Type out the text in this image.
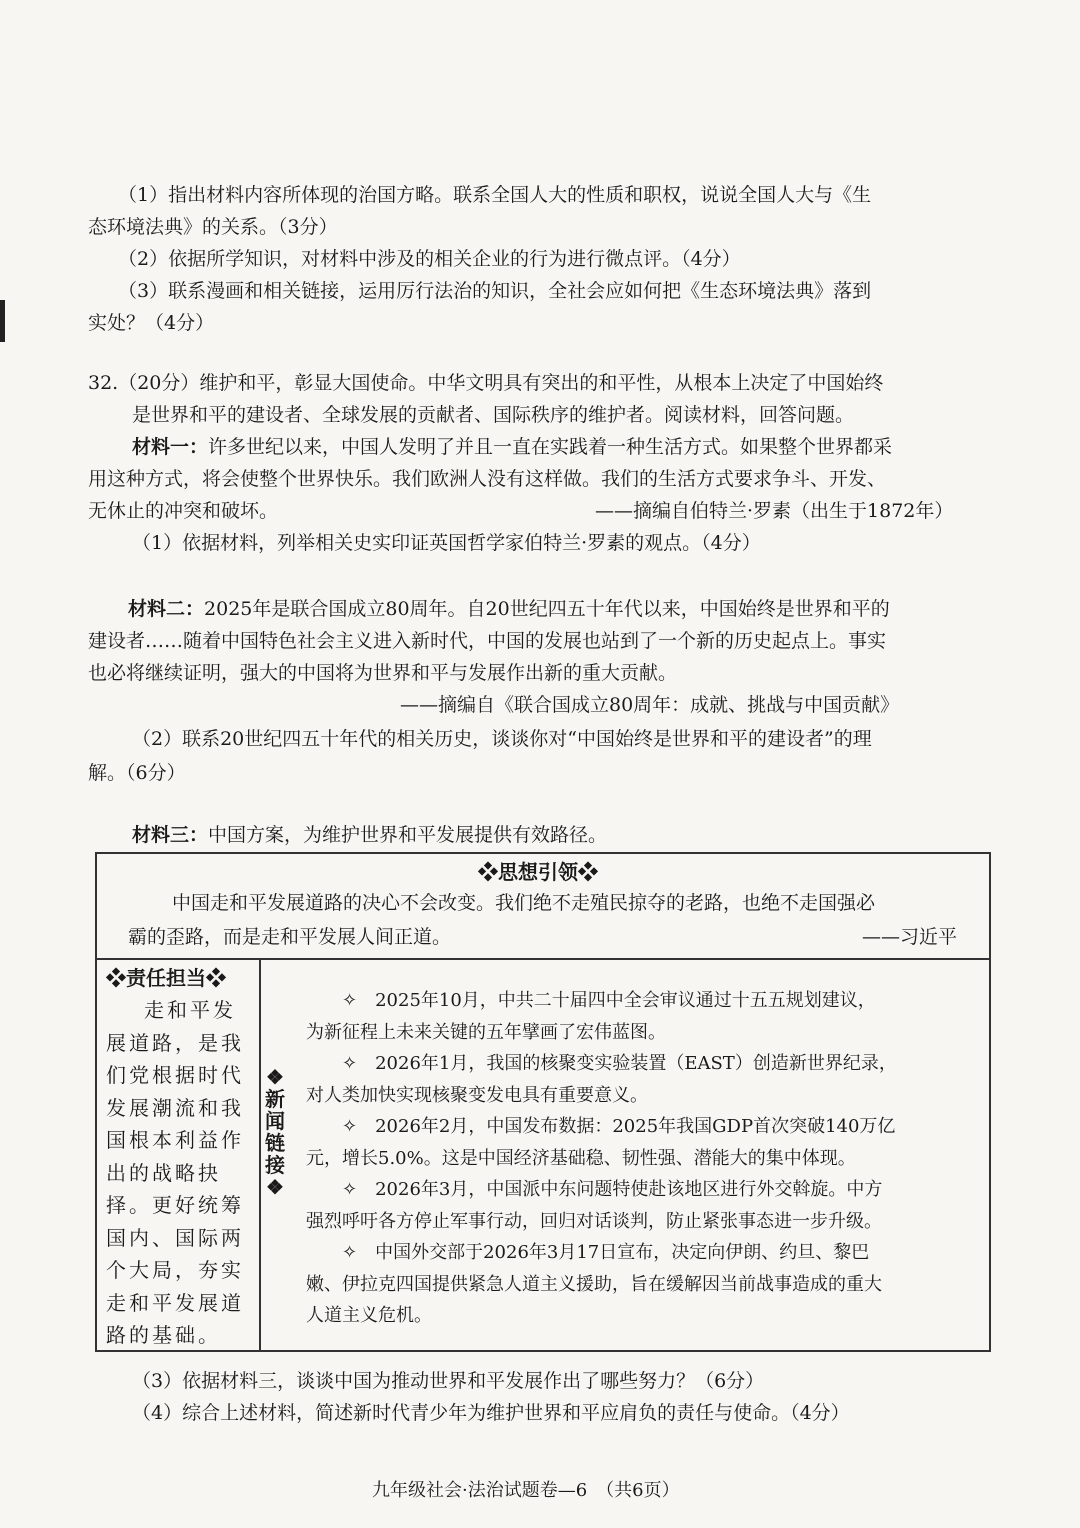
（1）指出材料内容所体现的治国方略。联系全国人大的性质和职权，说说全国人大与《生
态环境法典》的关系。（3分）
（2）依据所学知识，对材料中涉及的相关企业的行为进行微点评。（4分）
（3）联系漫画和相关链接，运用厉行法治的知识，全社会应如何把《生态环境法典》落到
实处？（4分）
32.（20分）维护和平，彰显大国使命。中华文明具有突出的和平性，从根本上决定了中国始终
是世界和平的建设者、全球发展的贡献者、国际秩序的维护者。阅读材料，回答问题。
材料一：许多世纪以来，中国人发明了并且一直在实践着一种生活方式。如果整个世界都采
用这种方式，将会使整个世界快乐。我们欧洲人没有这样做。我们的生活方式要求争斗、开发、
无休止的冲突和破坏。	——摘编自伯特兰·罗素（出生于1872年）
（1）依据材料，列举相关史实印证英国哲学家伯特兰·罗素的观点。（4分）
材料二：2025年是联合国成立80周年。自20世纪四五十年代以来，中国始终是世界和平的
建设者……随着中国特色社会主义进入新时代，中国的发展也站到了一个新的历史起点上。事实
也必将继续证明，强大的中国将为世界和平与发展作出新的重大贡献。
——摘编自《联合国成立80周年：成就、挑战与中国贡献》
（2）联系20世纪四五十年代的相关历史，谈谈你对“中国始终是世界和平的建设者”的理
解。（6分）
材料三：中国方案，为维护世界和平发展提供有效路径。
❖思想引领❖
中国走和平发展道路的决心不会改变。我们绝不走殖民掠夺的老路，也绝不走国强必
霸的歪路，而是走和平发展人间正道。	——习近平
❖责任担当❖
走和平发
展道路，是我
们党根据时代
发展潮流和我
国根本利益作
出的战略抉
择。更好统筹
国内、国际两
个大局，夯实
走和平发展道
路的基础。
❖
新
闻
链
接
❖
✧　2025年10月，中共二十届四中全会审议通过十五五规划建议，
为新征程上未来关键的五年擘画了宏伟蓝图。
✧　2026年1月，我国的核聚变实验装置（EAST）创造新世界纪录，
对人类加快实现核聚变发电具有重要意义。
✧　2026年2月，中国发布数据：2025年我国GDP首次突破140万亿
元，增长5.0%。这是中国经济基础稳、韧性强、潜能大的集中体现。
✧　2026年3月，中国派中东问题特使赴该地区进行外交斡旋。中方
强烈呼吁各方停止军事行动，回归对话谈判，防止紧张事态进一步升级。
✧　中国外交部于2026年3月17日宣布，决定向伊朗、约旦、黎巴
嫩、伊拉克四国提供紧急人道主义援助，旨在缓解因当前战事造成的重大
人道主义危机。
（3）依据材料三，谈谈中国为推动世界和平发展作出了哪些努力？（6分）
（4）综合上述材料，简述新时代青少年为维护世界和平应肩负的责任与使命。（4分）
九年级社会·法治试题卷—6　（共6页）
